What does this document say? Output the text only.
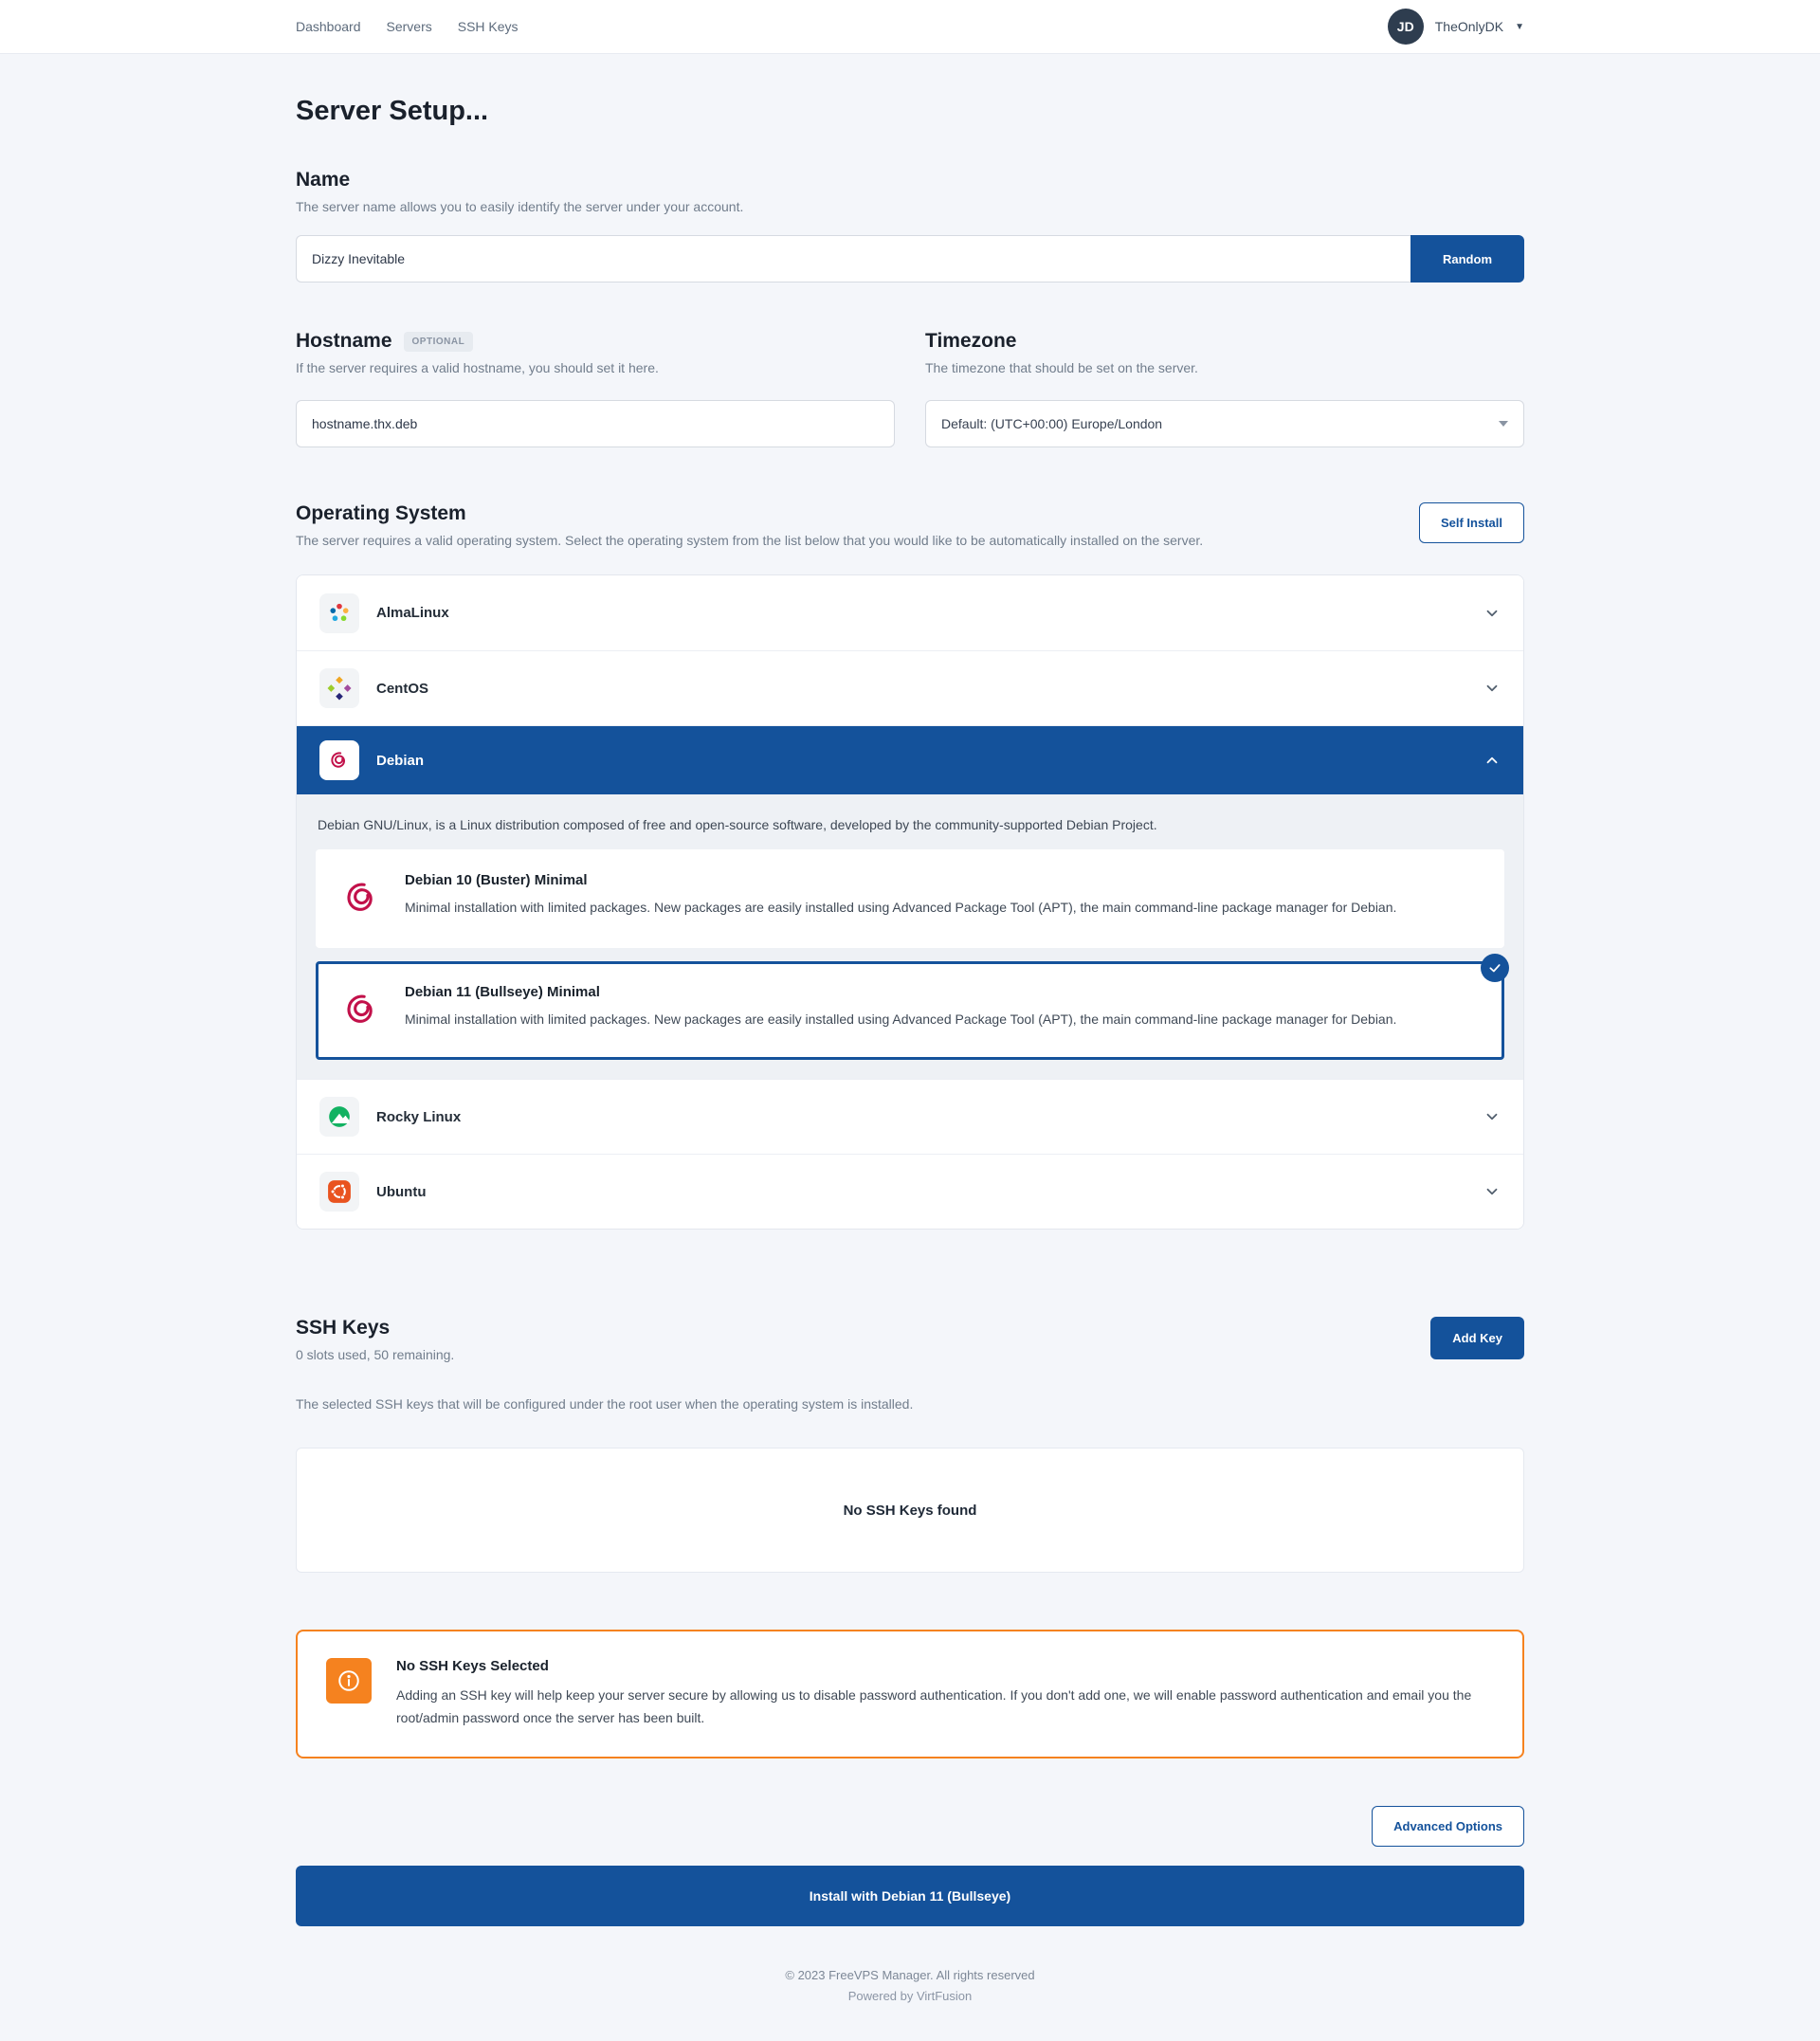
Dashboard Servers SSH Keys	JD	TheOnlyDK ▼
Server Setup...
Name
The server name allows you to easily identify the server under your account.
Dizzy Inevitable
Random
Hostname	OPTIONAL
If the server requires a valid hostname, you should set it here.
hostname.thx.deb
Timezone
The timezone that should be set on the server.
Default: (UTC+00:00) Europe/London
Operating System
The server requires a valid operating system. Select the operating system from the list below that you would like to be automatically installed on the server.
Self Install
AlmaLinux
CentOS
Debian
Debian GNU/Linux, is a Linux distribution composed of free and open-source software, developed by the community-supported Debian Project.
Debian 10 (Buster) Minimal
Minimal installation with limited packages. New packages are easily installed using Advanced Package Tool (APT), the main command-line package manager for Debian.
Debian 11 (Bullseye) Minimal
Minimal installation with limited packages. New packages are easily installed using Advanced Package Tool (APT), the main command-line package manager for Debian.
Rocky Linux
Ubuntu
SSH Keys
0 slots used, 50 remaining.
Add Key
The selected SSH keys that will be configured under the root user when the operating system is installed.
No SSH Keys found
No SSH Keys Selected
Adding an SSH key will help keep your server secure by allowing us to disable password authentication. If you don't add one, we will enable password authentication and email you the root/admin password once the server has been built.
Advanced Options
Install with Debian 11 (Bullseye)
© 2023 FreeVPS Manager. All rights reserved
Powered by VirtFusion
